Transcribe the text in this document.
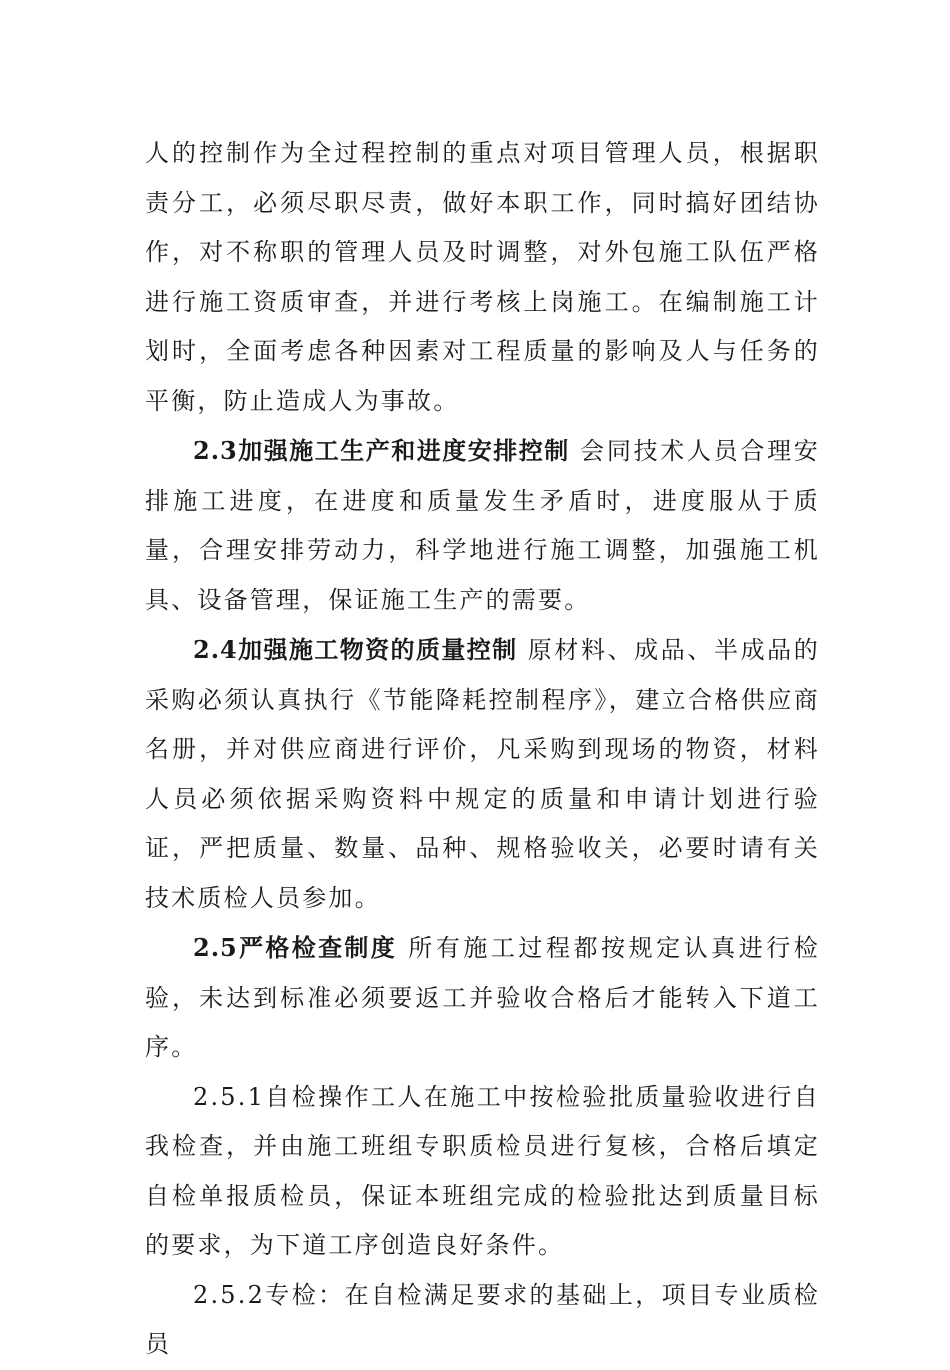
人的控制作为全过程控制的重点对项目管理人员，根据职责分工，必须尽职尽责，做好本职工作，同时搞好团结协作，对不称职的管理人员及时调整，对外包施工队伍严格进行施工资质审查，并进行考核上岗施工。在编制施工计划时，全面考虑各种因素对工程质量的影响及人与任务的平衡，防止造成人为事故。

2.3加强施工生产和进度安排控制 会同技术人员合理安排施工进度，在进度和质量发生矛盾时，进度服从于质量，合理安排劳动力，科学地进行施工调整，加强施工机具、设备管理，保证施工生产的需要。

2.4加强施工物资的质量控制 原材料、成品、半成品的采购必须认真执行《节能降耗控制程序》，建立合格供应商名册，并对供应商进行评价，凡采购到现场的物资，材料人员必须依据采购资料中规定的质量和申请计划进行验证，严把质量、数量、品种、规格验收关，必要时请有关技术质检人员参加。

2.5严格检查制度 所有施工过程都按规定认真进行检验，未达到标准必须要返工并验收合格后才能转入下道工序。

2.5.1自检操作工人在施工中按检验批质量验收进行自我检查，并由施工班组专职质检员进行复核，合格后填定自检单报质检员，保证本班组完成的检验批达到质量目标的要求，为下道工序创造良好条件。

2.5.2专检：在自检满足要求的基础上，项目专业质检员
